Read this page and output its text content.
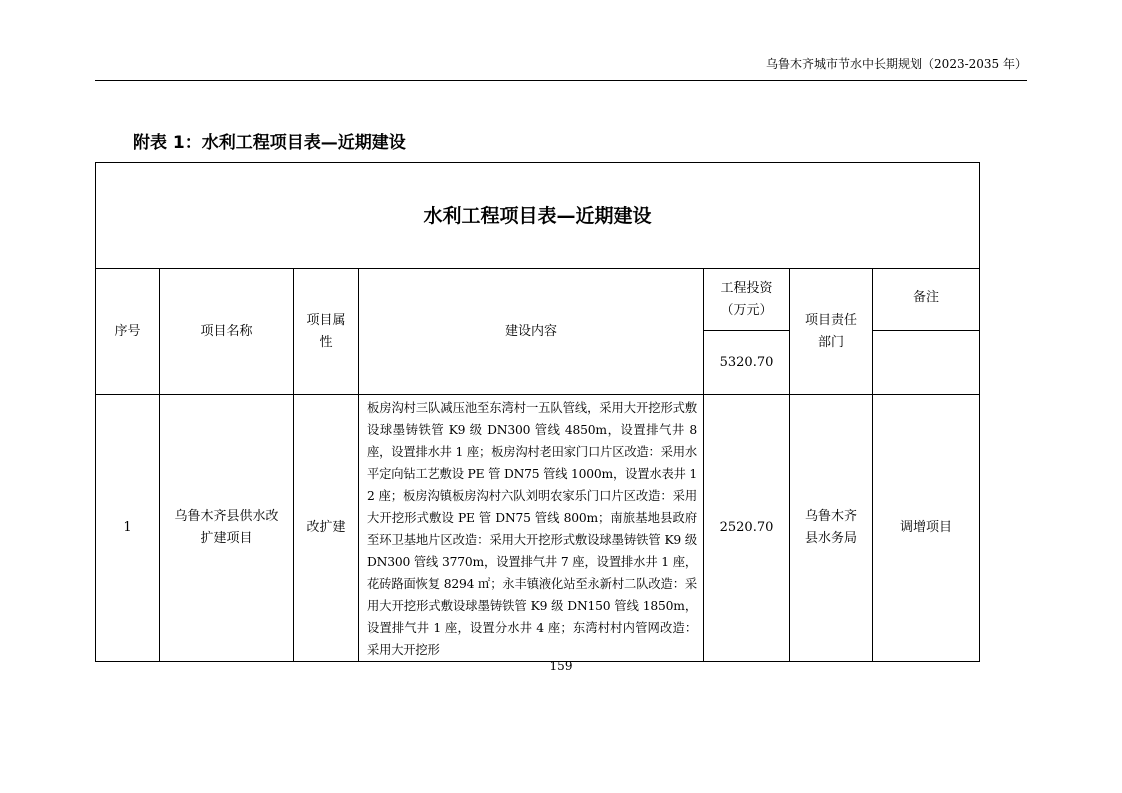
乌鲁木齐城市节水中长期规划（2023-2035 年）
附表 1：水利工程项目表—近期建设
水利工程项目表—近期建设						
序号	项目名称	项目属性	建设内容	工程投资（万元）	项目责任部门	备注
				5320.70		
1	乌鲁木齐县供水改扩建项目	改扩建	板房沟村三队减压池至东湾村一五队管线，采用大开挖形式敷设球墨铸铁管 K9 级 DN300 管线 4850m，设置排气井 8 座，设置排水井 1 座；板房沟村老田家门口片区改造：采用水平定向钻工艺敷设 PE 管 DN75 管线 1000m，设置水表井 12 座；板房沟镇板房沟村六队刘明农家乐门口片区改造：采用大开挖形式敷设 PE 管 DN75 管线 800m；南旅基地县政府至环卫基地片区改造：采用大开挖形式敷设球墨铸铁管 K9 级 DN300 管线 3770m，设置排气井 7 座，设置排水井 1 座，花砖路面恢复 8294 ㎡；永丰镇液化站至永新村二队改造：采用大开挖形式敷设球墨铸铁管 K9 级 DN150 管线 1850m，设置排气井 1 座，设置分水井 4 座；东湾村村内管网改造：采用大开挖形	2520.70	乌鲁木齐县水务局	调增项目
159
